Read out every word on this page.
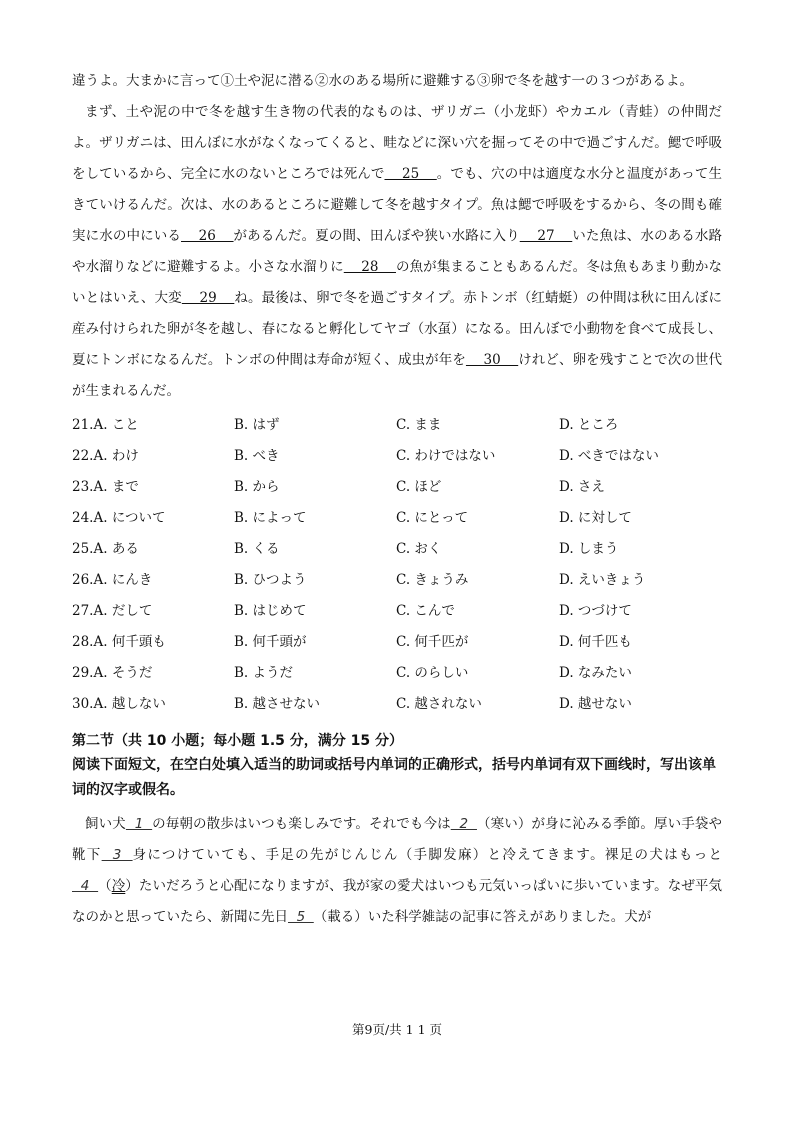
違うよ。大まかに言って①土や泥に潜る②水のある場所に避難する③卵で冬を越す一の３つがあるよ。

まず、土や泥の中で冬を越す生き物の代表的なものは、ザリガニ（小龙虾）やカエル（青蛙）の仲間だよ。ザリガニは、田んぼに水がなくなってくると、畦などに深い穴を掘ってその中で過ごすんだ。鰓で呼吸をしているから、完全に水のないところでは死んで    25    。でも、穴の中は適度な水分と温度があって生きていけるんだ。次は、水のあるところに避難して冬を越すタイプ。魚は鰓で呼吸をするから、冬の間も確実に水の中にいる    26    があるんだ。夏の間、田んぼや狭い水路に入り    27    いた魚は、水のある水路や水溜りなどに避難するよ。小さな水溜りに    28    の魚が集まることもあるんだ。冬は魚もあまり動かないとはいえ、大変    29    ね。最後は、卵で冬を過ごすタイプ。赤トンボ（红蜻蜓）の仲間は秋に田んぼに産み付けられた卵が冬を越し、春になると孵化してヤゴ（水虿）になる。田んぼで小動物を食べて成長し、夏にトンボになるんだ。トンボの仲間は寿命が短く、成虫が年を    30    けれど、卵を残すことで次の世代が生まれるんだ。

21.A. こと	B. はず	C. まま	D. ところ
22.A. わけ	B. べき	C. わけではない	D. べきではない
23.A. まで	B. から	C. ほど	D. さえ
24.A. について	B. によって	C. にとって	D. に対して
25.A. ある	B. くる	C. おく	D. しまう
26.A. にんき	B. ひつよう	C. きょうみ	D. えいきょう
27.A. だして	B. はじめて	C. こんで	D. つづけて
28.A. 何千頭も	B. 何千頭が	C. 何千匹が	D. 何千匹も
29.A. そうだ	B. ようだ	C. のらしい	D. なみたい
30.A. 越しない	B. 越させない	C. 越されない	D. 越せない
第二节（共 10 小题；每小题 1.5 分，满分 15 分）

阅读下面短文，在空白处填入适当的助词或括号内单词的正确形式，括号内单词有双下画线时，写出该单词的汉字或假名。

飼い犬  1  の毎朝の散歩はいつも楽しみです。それでも今は  2  （寒い）が身に沁みる季節。厚い手袋や靴下  3  身につけていても、手足の先がじんじん（手脚发麻）と冷えてきます。裸足の犬はもっと  4  （冷）たいだろうと心配になりますが、我が家の愛犬はいつも元気いっぱいに歩いています。なぜ平気なのかと思っていたら、新聞に先日  5  （載る）いた科学雑誌の記事に答えがありました。犬が

第9页/共 1 1 页
